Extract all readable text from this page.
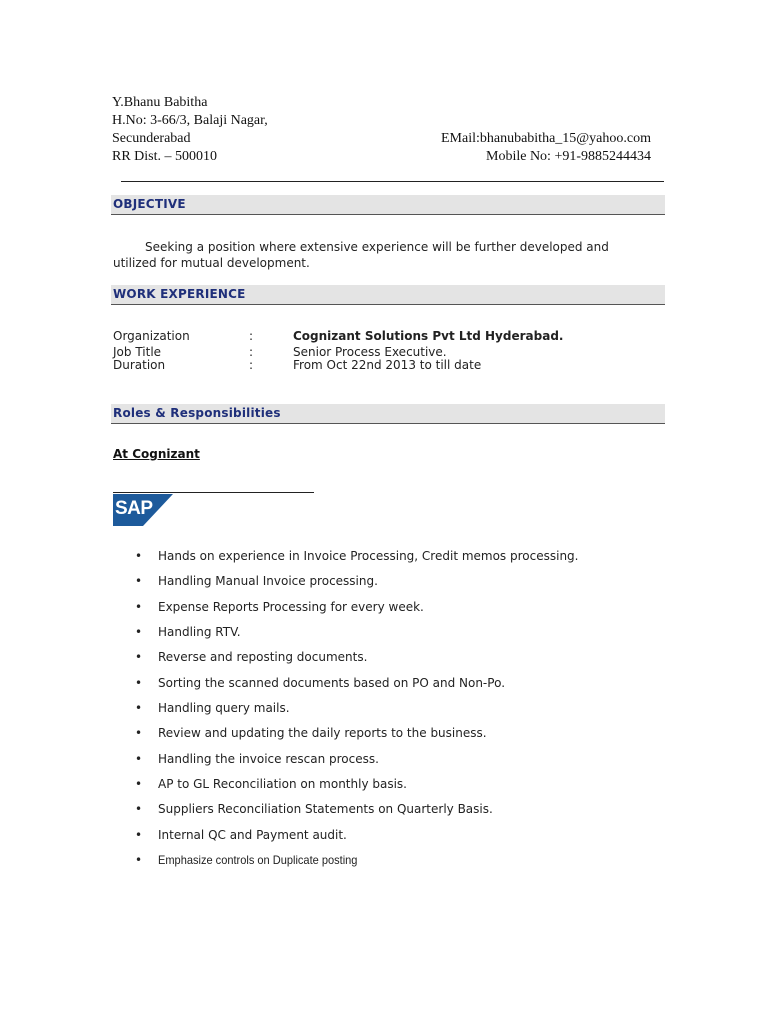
Y.Bhanu Babitha
H.No: 3-66/3, Balaji Nagar,
Secunderabad
RR Dist. – 500010
EMail:bhanubabitha_15@yahoo.com
Mobile No: +91-9885244434
OBJECTIVE
Seeking a position where extensive experience will be further developed and
utilized for mutual development.
WORK EXPERIENCE
Organization	:	Cognizant Solutions Pvt Ltd Hyderabad.
Job Title	:	Senior Process Executive.
Duration	:	From Oct 22nd 2013 to till date
Roles & Responsibilities
At Cognizant
SAP
• Hands on experience in Invoice Processing, Credit memos processing.
• Handling Manual Invoice processing.
• Expense Reports Processing for every week.
• Handling RTV.
• Reverse and reposting documents.
• Sorting the scanned documents based on PO and Non-Po.
• Handling query mails.
• Review and updating the daily reports to the business.
• Handling the invoice rescan process.
• AP to GL Reconciliation on monthly basis.
• Suppliers Reconciliation Statements on Quarterly Basis.
• Internal QC and Payment audit.
• Emphasize controls on Duplicate posting
